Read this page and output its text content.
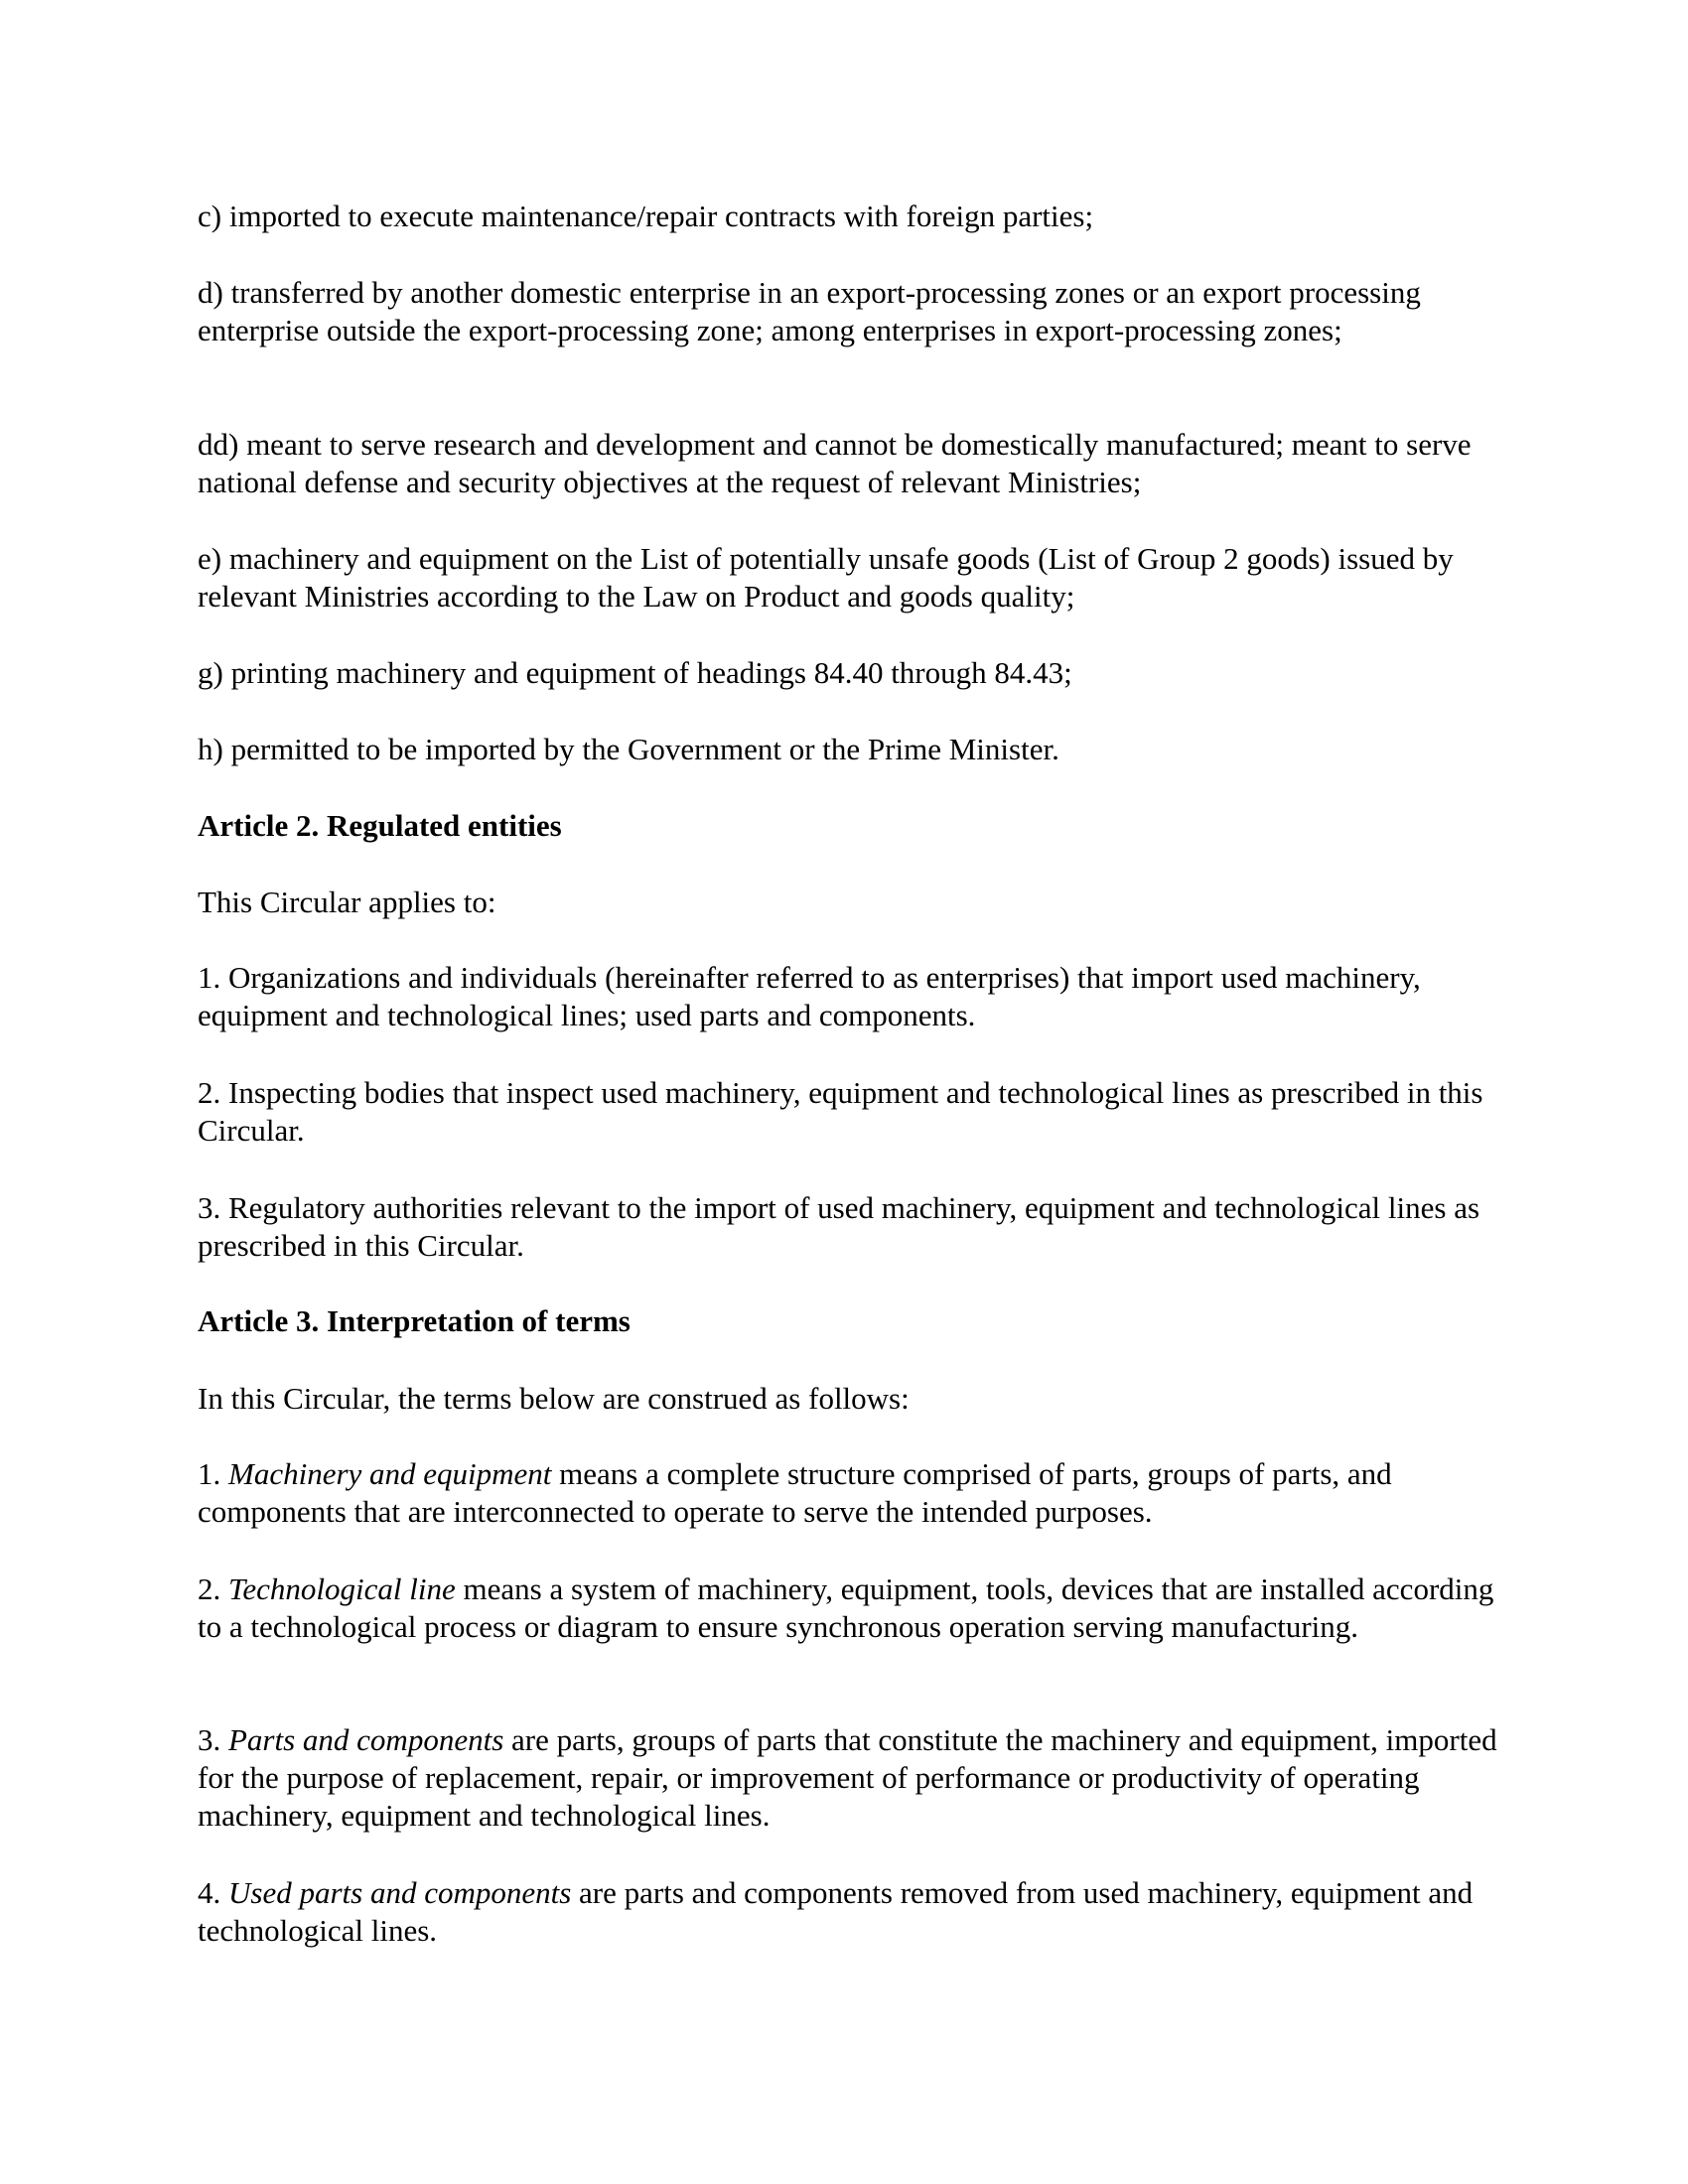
c) imported to execute maintenance/repair contracts with foreign parties;

d) transferred by another domestic enterprise in an export-processing zones or an export processing enterprise outside the export-processing zone; among enterprises in export-processing zones;

dd) meant to serve research and development and cannot be domestically manufactured; meant to serve national defense and security objectives at the request of relevant Ministries;

e) machinery and equipment on the List of potentially unsafe goods (List of Group 2 goods) issued by relevant Ministries according to the Law on Product and goods quality;

g) printing machinery and equipment of headings 84.40 through 84.43;

h) permitted to be imported by the Government or the Prime Minister.

Article 2. Regulated entities

This Circular applies to:

1. Organizations and individuals (hereinafter referred to as enterprises) that import used machinery, equipment and technological lines; used parts and components.

2. Inspecting bodies that inspect used machinery, equipment and technological lines as prescribed in this Circular.

3. Regulatory authorities relevant to the import of used machinery, equipment and technological lines as prescribed in this Circular.

Article 3. Interpretation of terms

In this Circular, the terms below are construed as follows:

1. Machinery and equipment means a complete structure comprised of parts, groups of parts, and components that are interconnected to operate to serve the intended purposes.

2. Technological line means a system of machinery, equipment, tools, devices that are installed according to a technological process or diagram to ensure synchronous operation serving manufacturing.

3. Parts and components are parts, groups of parts that constitute the machinery and equipment, imported for the purpose of replacement, repair, or improvement of performance or productivity of operating machinery, equipment and technological lines.

4. Used parts and components are parts and components removed from used machinery, equipment and technological lines.
